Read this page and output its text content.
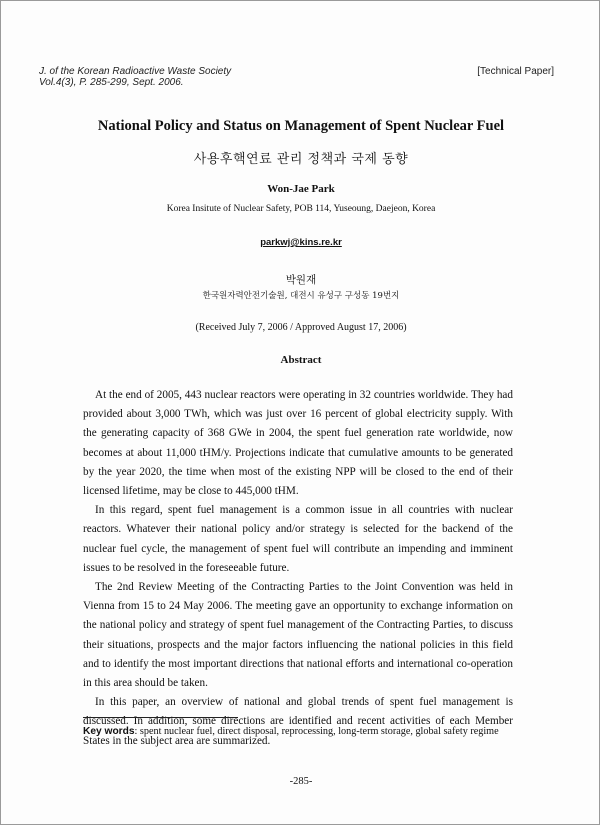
J. of the Korean Radioactive Waste Society
Vol.4(3), P. 285-299, Sept. 2006.
[Technical Paper]
National Policy and Status on Management of Spent Nuclear Fuel
사용후핵연료 관리 정책과 국제 동향
Won-Jae Park
Korea Insitute of Nuclear Safety, POB 114, Yuseoung, Daejeon, Korea
parkwj@kins.re.kr
박원재
한국원자력안전기술원, 대전시 유성구 구성동 19번지
(Received July 7, 2006 / Approved August 17, 2006)
Abstract

At the end of 2005, 443 nuclear reactors were operating in 32 countries worldwide. They had provided about 3,000 TWh, which was just over 16 percent of global electricity supply. With the generating capacity of 368 GWe in 2004, the spent fuel generation rate worldwide, now becomes at about 11,000 tHM/y. Projections indicate that cumulative amounts to be generated by the year 2020, the time when most of the existing NPP will be closed to the end of their licensed lifetime, may be close to 445,000 tHM.

In this regard, spent fuel management is a common issue in all countries with nuclear reactors. Whatever their national policy and/or strategy is selected for the backend of the nuclear fuel cycle, the management of spent fuel will contribute an impending and imminent issues to be resolved in the foreseeable future.

The 2nd Review Meeting of the Contracting Parties to the Joint Convention was held in Vienna from 15 to 24 May 2006. The meeting gave an opportunity to exchange information on the national policy and strategy of spent fuel management of the Contracting Parties, to discuss their situations, prospects and the major factors influencing the national policies in this field and to identify the most important directions that national efforts and international co-operation in this area should be taken.

In this paper, an overview of national and global trends of spent fuel management is discussed. In addition, some directions are identified and recent activities of each Member States in the subject area are summarized.

Key words: spent nuclear fuel, direct disposal, reprocessing, long-term storage, global safety regime
-285-
